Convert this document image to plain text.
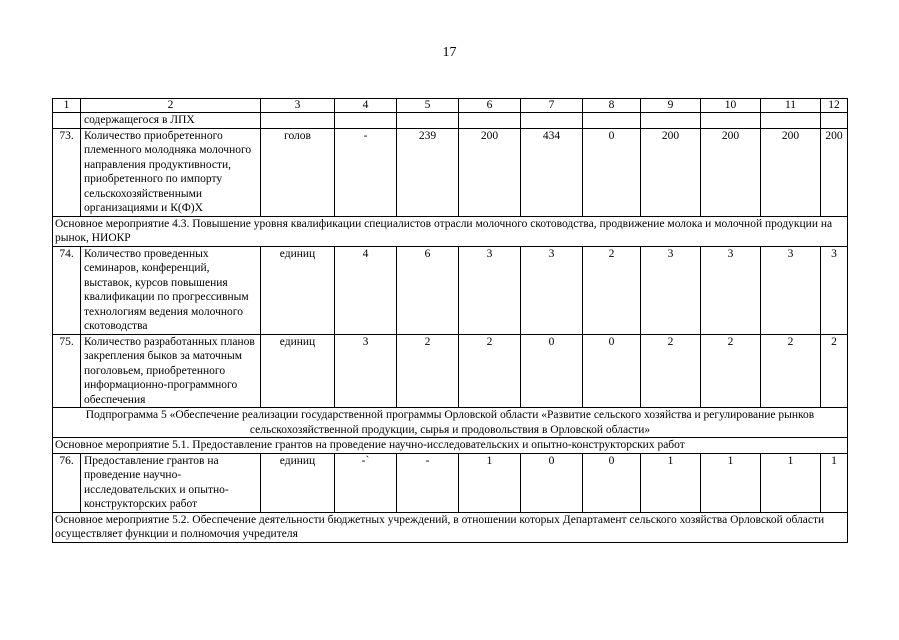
17
1	2	3	4	5	6	7	8	9	10	11	12
	содержащегося в ЛПХ										
73.	Количество приобретенного племенного молодняка молочного направления продуктивности, приобретенного по импорту сельскохозяйственными организациями и К(Ф)Х	голов	-	239	200	434	0	200	200	200	200
Основное мероприятие 4.3. Повышение уровня квалификации специалистов отрасли молочного скотоводства, продвижение молока и молочной продукции на рынок, НИОКР											
74.	Количество проведенных семинаров, конференций, выставок, курсов повышения квалификации по прогрессивным технологиям ведения молочного скотоводства	единиц	4	6	3	3	2	3	3	3	3
75.	Количество разработанных планов закрепления быков за маточным поголовьем, приобретенного информационно-программного обеспечения	единиц	3	2	2	0	0	2	2	2	2
Подпрограмма 5 «Обеспечение реализации государственной программы Орловской области «Развитие сельского хозяйства и регулирование рынков сельскохозяйственной продукции, сырья и продовольствия в Орловской области»											
Основное мероприятие 5.1. Предоставление грантов на проведение научно-исследовательских и опытно-конструкторских работ											
76.	Предоставление грантов на проведение научно-исследовательских и опытно-конструкторских работ	единиц	-`	-	1	0	0	1	1	1	1
Основное мероприятие 5.2. Обеспечение деятельности бюджетных учреждений, в отношении которых Департамент сельского хозяйства Орловской области осуществляет функции и полномочия учредителя											
